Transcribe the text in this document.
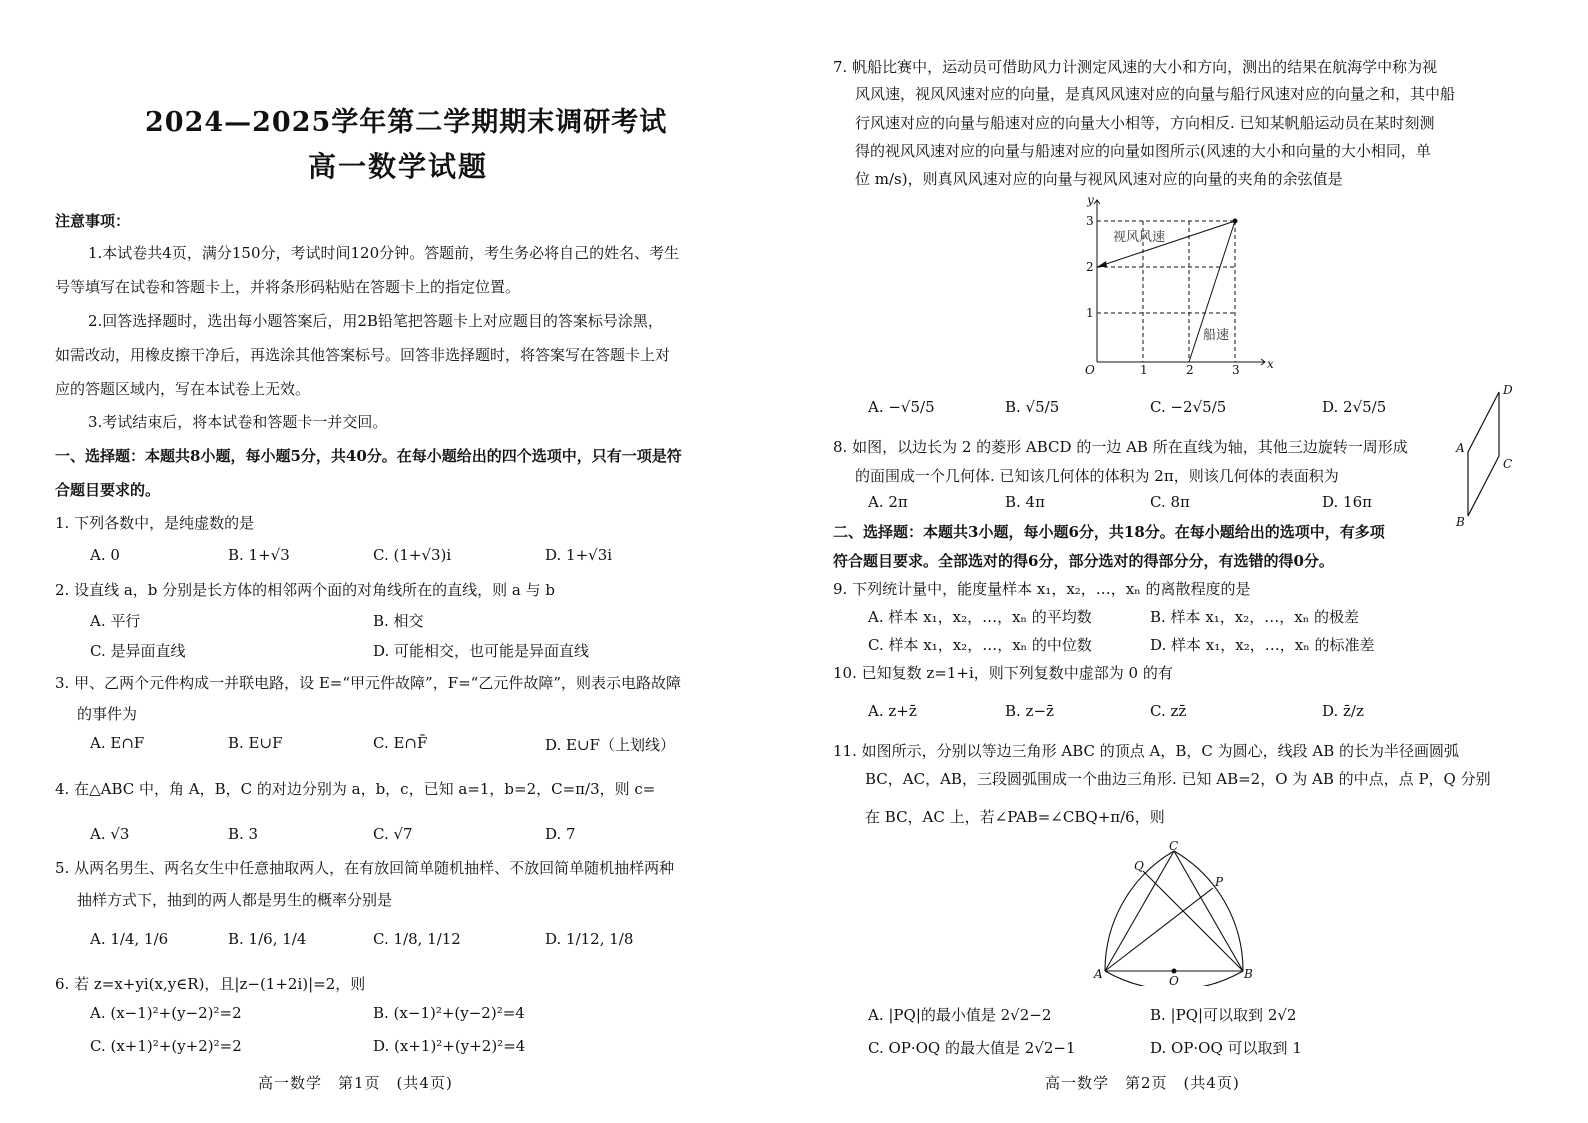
2024—2025学年第二学期期末调研考试
高一数学试题
注意事项：
1.本试卷共4页，满分150分，考试时间120分钟。答题前，考生务必将自己的姓名、考生
号等填写在试卷和答题卡上，并将条形码粘贴在答题卡上的指定位置。
2.回答选择题时，选出每小题答案后，用2B铅笔把答题卡上对应题目的答案标号涂黑，
如需改动，用橡皮擦干净后，再选涂其他答案标号。回答非选择题时，将答案写在答题卡上对
应的答题区域内，写在本试卷上无效。
3.考试结束后，将本试卷和答题卡一并交回。
一、选择题：本题共8小题，每小题5分，共40分。在每小题给出的四个选项中，只有一项是符
合题目要求的。
1. 下列各数中，是纯虚数的是
A. 0	B. 1+√3	C. (1+√3)i	D. 1+√3i
2. 设直线 a，b 分别是长方体的相邻两个面的对角线所在的直线，则 a 与 b
A. 平行	B. 相交
C. 是异面直线	D. 可能相交，也可能是异面直线
3. 甲、乙两个元件构成一并联电路，设 E=“甲元件故障”，F=“乙元件故障”，则表示电路故障
的事件为
A. E∩F	B. E∪F	C. E∩F̄	D. E∪F（上划线）
4. 在△ABC 中，角 A，B，C 的对边分别为 a，b，c，已知 a=1，b=2，C=π/3，则 c=
A. √3	B. 3	C. √7	D. 7
5. 从两名男生、两名女生中任意抽取两人，在有放回简单随机抽样、不放回简单随机抽样两种
抽样方式下，抽到的两人都是男生的概率分别是
A. 1/4, 1/6	B. 1/6, 1/4	C. 1/8, 1/12	D. 1/12, 1/8
6. 若 z=x+yi(x,y∈R)，且|z−(1+2i)|=2，则
A. (x−1)²+(y−2)²=2	B. (x−1)²+(y−2)²=4
C. (x+1)²+(y+2)²=2	D. (x+1)²+(y+2)²=4
高一数学　第1页　(共4页)
7. 帆船比赛中，运动员可借助风力计测定风速的大小和方向，测出的结果在航海学中称为视
风风速，视风风速对应的向量，是真风风速对应的向量与船行风速对应的向量之和，其中船
行风速对应的向量与船速对应的向量大小相等，方向相反. 已知某帆船运动员在某时刻测
得的视风风速对应的向量与船速对应的向量如图所示(风速的大小和向量的大小相同，单
位 m/s)，则真风风速对应的向量与视风风速对应的向量的夹角的余弦值是
O	x
y
1	2	3
1
2
3
视风风速
船速
A. −√5/5	B. √5/5	C. −2√5/5	D. 2√5/5
A
B
C
D
8. 如图，以边长为 2 的菱形 ABCD 的一边 AB 所在直线为轴，其他三边旋转一周形成
的面围成一个几何体. 已知该几何体的体积为 2π，则该几何体的表面积为
A. 2π	B. 4π	C. 8π	D. 16π
二、选择题：本题共3小题，每小题6分，共18分。在每小题给出的选项中，有多项
符合题目要求。全部选对的得6分，部分选对的得部分分，有选错的得0分。
9. 下列统计量中，能度量样本 x₁，x₂，…，xₙ 的离散程度的是
A. 样本 x₁，x₂，…，xₙ 的平均数	B. 样本 x₁，x₂，…，xₙ 的极差
C. 样本 x₁，x₂，…，xₙ 的中位数	D. 样本 x₁，x₂，…，xₙ 的标准差
10. 已知复数 z=1+i，则下列复数中虚部为 0 的有
A. z+z̄	B. z−z̄	C. zz̄	D. z̄/z
11. 如图所示，分别以等边三角形 ABC 的顶点 A，B，C 为圆心，线段 AB 的长为半径画圆弧
BC，AC，AB，三段圆弧围成一个曲边三角形. 已知 AB=2，O 为 AB 的中点，点 P，Q 分别
在 BC，AC 上，若∠PAB=∠CBQ+π/6，则
A	B
C
O
P
Q
A. |PQ|的最小值是 2√2−2	B. |PQ|可以取到 2√2
C. OP·OQ 的最大值是 2√2−1	D. OP·OQ 可以取到 1
高一数学　第2页　(共4页)
